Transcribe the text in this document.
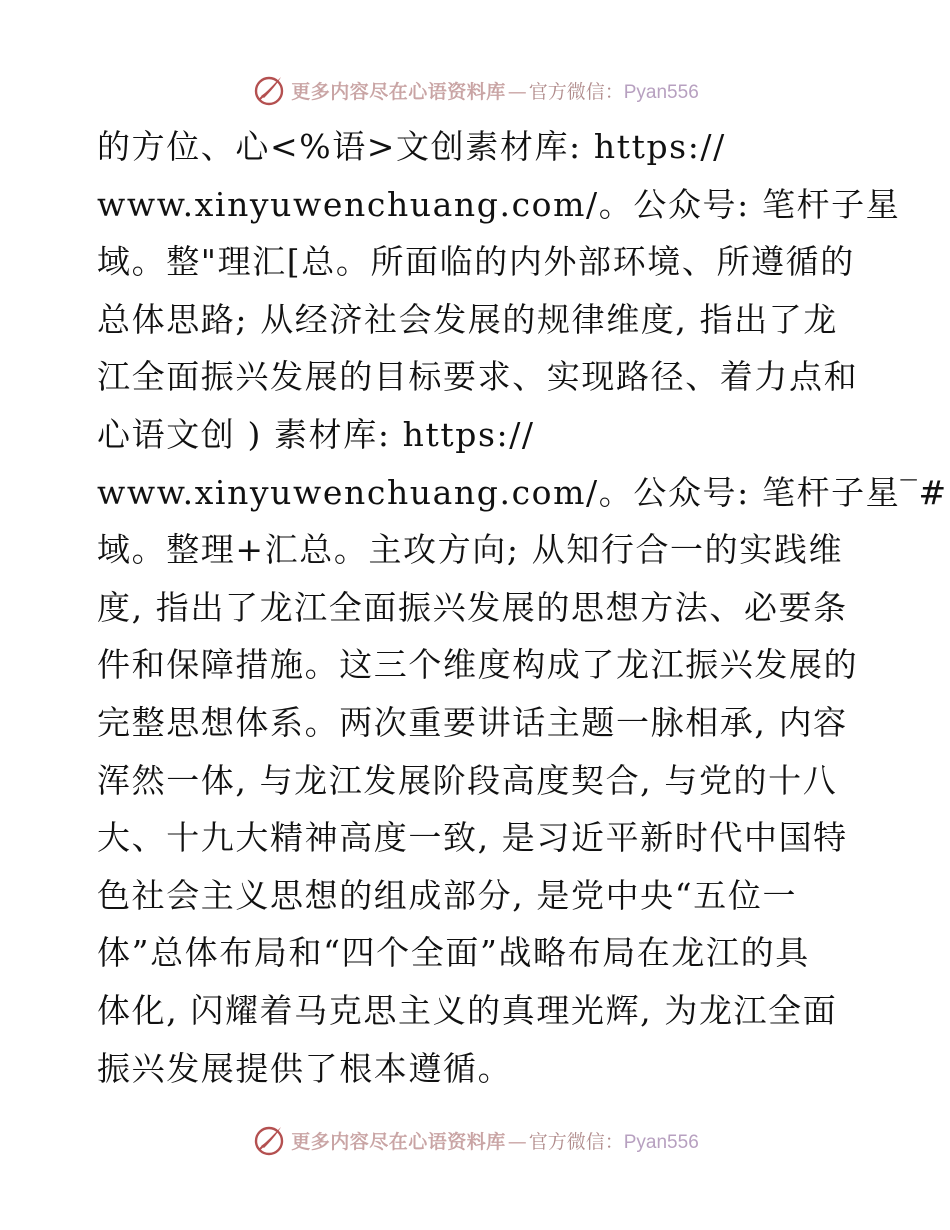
更多内容尽在心语资料库 — 官方微信： Pyan556
的方位、心<%语>文创素材库: https://
www.xinyuwenchuang.com/。公众号: 笔杆子星
域。整"理汇[总。所面临的内外部环境、所遵循的
总体思路; 从经济社会发展的规律维度, 指出了龙
江全面振兴发展的目标要求、实现路径、着力点和
心语文创 ) 素材库: https://
www.xinyuwenchuang.com/。公众号: 笔杆子星‾#
域。整理+汇总。主攻方向; 从知行合一的实践维
度, 指出了龙江全面振兴发展的思想方法、必要条
件和保障措施。这三个维度构成了龙江振兴发展的
完整思想体系。两次重要讲话主题一脉相承, 内容
浑然一体, 与龙江发展阶段高度契合, 与党的十八
大、十九大精神高度一致, 是习近平新时代中国特
色社会主义思想的组成部分, 是党中央“五位一
体”总体布局和“四个全面”战略布局在龙江的具
体化, 闪耀着马克思主义的真理光辉, 为龙江全面
振兴发展提供了根本遵循。
更多内容尽在心语资料库 — 官方微信： Pyan556
